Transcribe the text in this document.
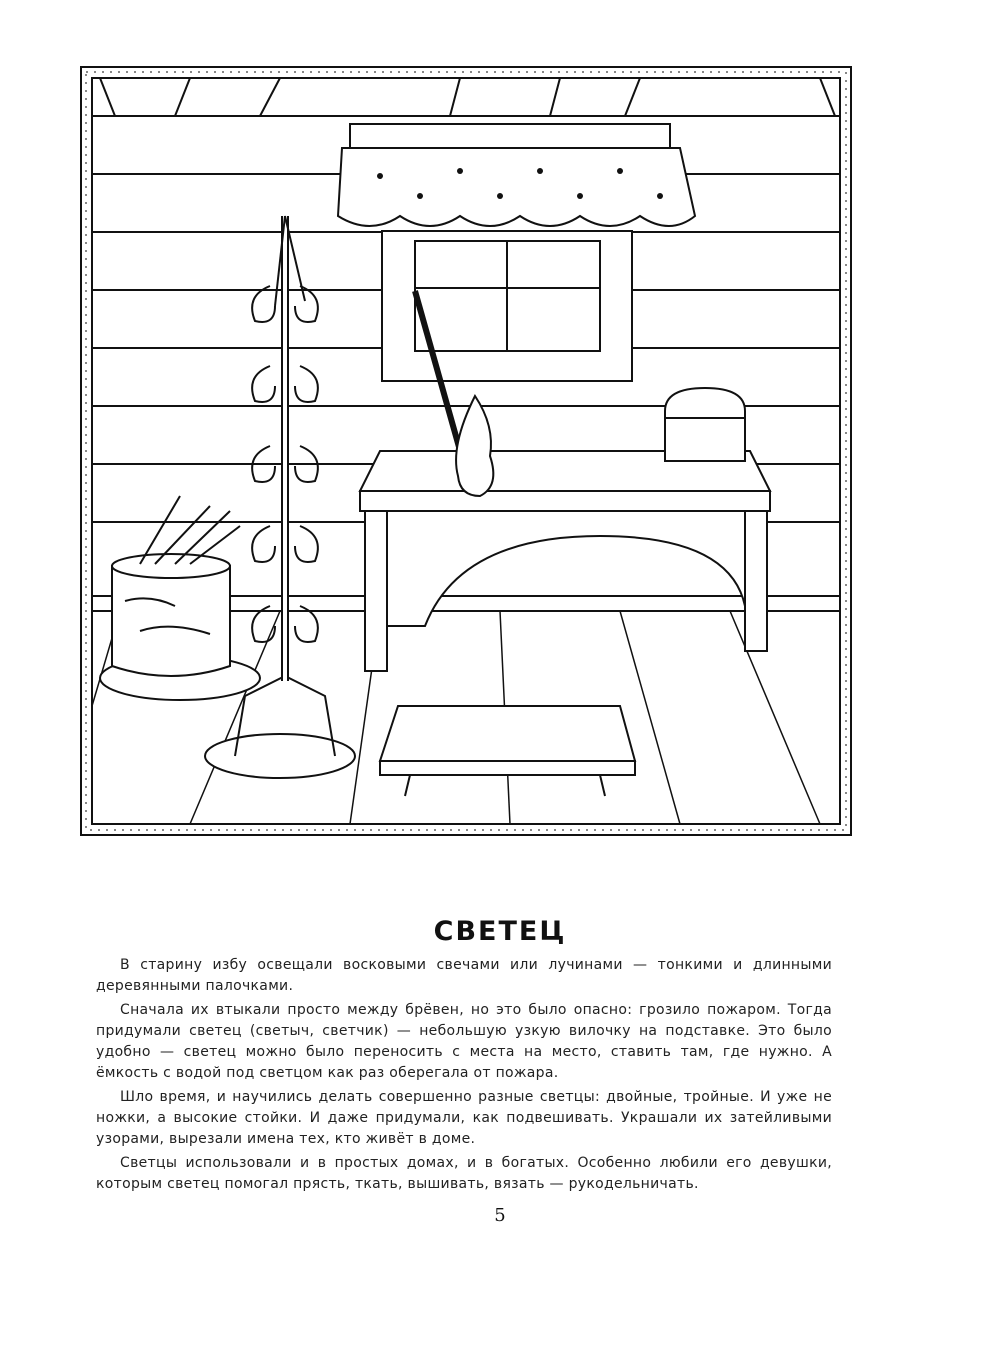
СВЕТЕЦ

В старину избу освещали восковыми свечами или лучинами — тонкими и длинными деревянными палочками.

Сначала их втыкали просто между брёвен, но это было опасно: грозило пожаром. Тогда придумали светец (светыч, светчик) — небольшую узкую вилочку на подставке. Это было удобно — светец можно было переносить с места на место, ставить там, где нужно. А ёмкость с водой под светцом как раз оберегала от пожара.

Шло время, и научились делать совершенно разные светцы: двойные, тройные. И уже не ножки, а высокие стойки. И даже придумали, как подвешивать. Украшали их затейливыми узорами, вырезали имена тех, кто живёт в доме.

Светцы использовали и в простых домах, и в богатых. Особенно любили его девушки, которым светец помогал прясть, ткать, вышивать, вязать — рукодельничать.

5
